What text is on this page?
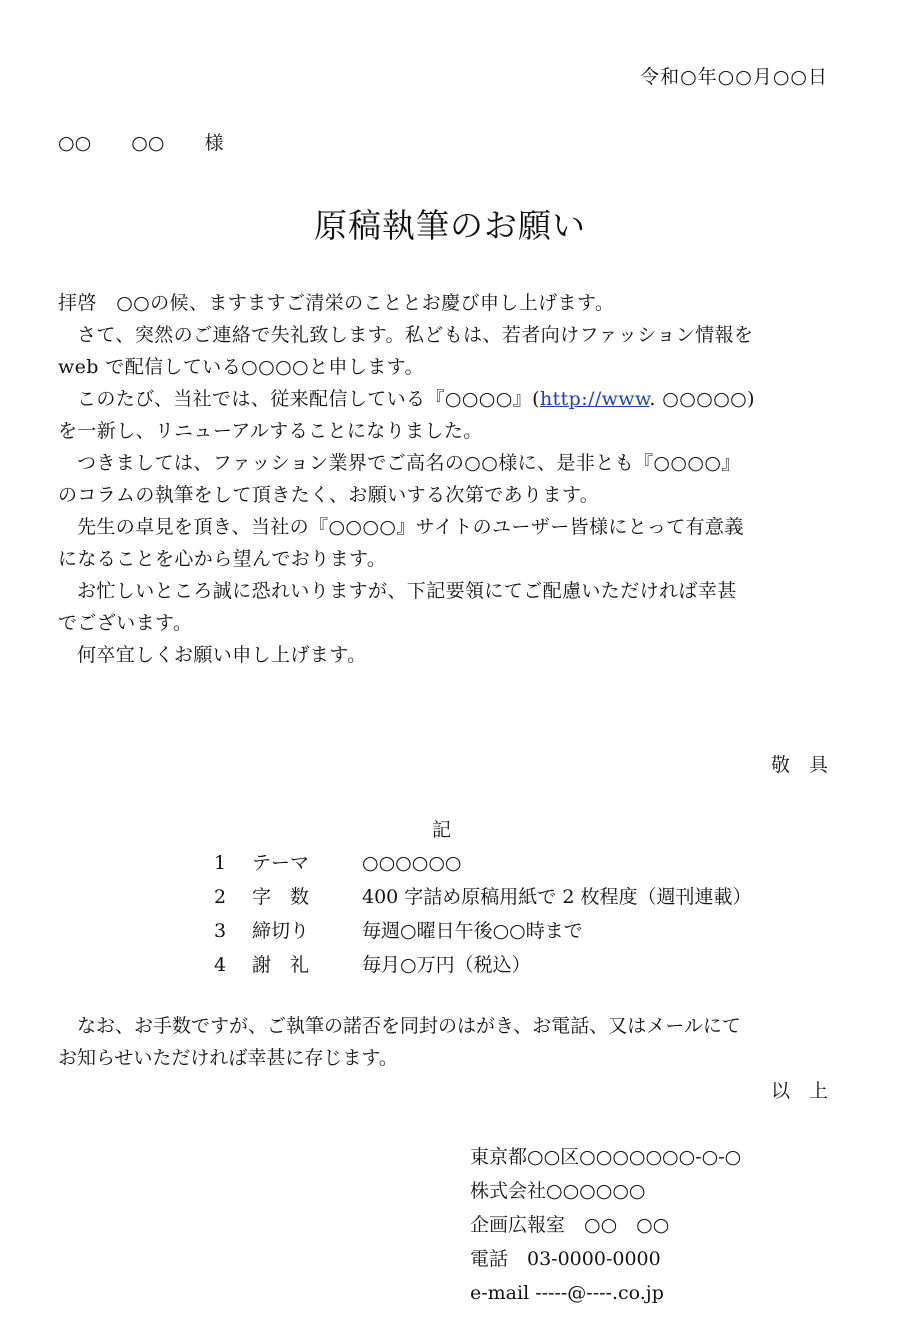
令和○年○○月○○日
○○ ○○ 様
原稿執筆のお願い
拝啓　○○の候、ますますご清栄のこととお慶び申し上げます。
さて、突然のご連絡で失礼致します。私どもは、若者向けファッション情報を
web で配信している○○○○と申します。
このたび、当社では、従来配信している『○○○○』(http://www. ○○○○○)
を一新し、リニューアルすることになりました。
つきましては、ファッション業界でご高名の○○様に、是非とも『○○○○』
のコラムの執筆をして頂きたく、お願いする次第であります。
先生の卓見を頂き、当社の『○○○○』サイトのユーザー皆様にとって有意義
になることを心から望んでおります。
お忙しいところ誠に恐れいりますが、下記要領にてご配慮いただければ幸甚
でございます。
何卒宜しくお願い申し上げます。
敬　具
記
1 テーマ	○○○○○○
2 字　数	400 字詰め原稿用紙で 2 枚程度（週刊連載）
3 締切り	毎週○曜日午後○○時まで
4 謝　礼	毎月○万円（税込）
なお、お手数ですが、ご執筆の諾否を同封のはがき、お電話、又はメールにて
お知らせいただければ幸甚に存じます。
以　上
東京都○○区○○○○○○○-○-○
株式会社○○○○○○
企画広報室　○○　○○
電話　03-0000-0000
e-mail -----@----.co.jp
